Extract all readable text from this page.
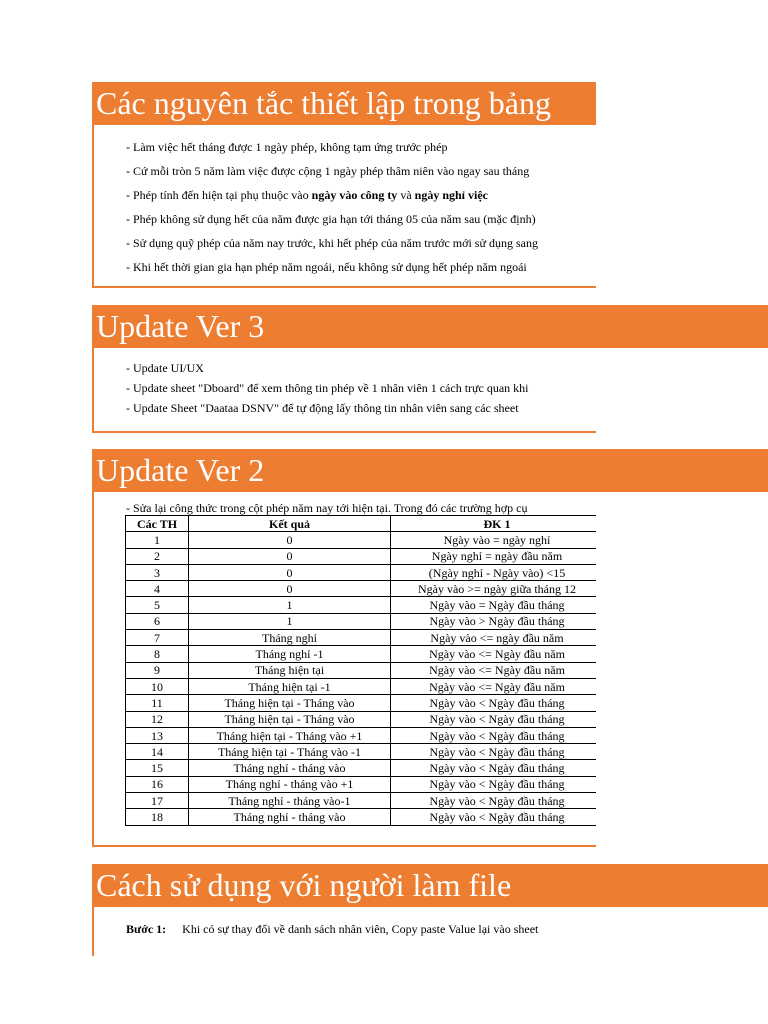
Các nguyên tắc thiết lập trong bảng
- Làm việc hết tháng được 1 ngày phép, không tạm ứng trước phép
- Cứ mỗi tròn 5 năm làm việc được cộng 1 ngày phép thâm niên vào ngay sau tháng
- Phép tính đến hiện tại phụ thuộc vào ngày vào công ty và ngày nghỉ việc
- Phép không sử dụng hết của năm được gia hạn tới tháng 05 của năm sau (mặc định)
- Sử dụng quỹ phép của năm nay trước, khi hết phép của năm trước mới sử dụng sang
- Khi hết thời gian gia hạn phép năm ngoái, nếu không sử dụng hết phép năm ngoái
Update Ver 3
- Update UI/UX
- Update sheet "Dboard" để xem thông tin phép về 1 nhân viên 1 cách trực quan khi
- Update Sheet "Daataa DSNV" để tự động lấy thông tin nhân viên sang các sheet
Update Ver 2
- Sửa lại công thức trong cột phép năm nay tới hiện tại. Trong đó các trường hợp cụ
Các TH	Kết quả	ĐK 1
1	0	Ngày vào = ngày nghỉ
2	0	Ngày nghỉ = ngày đầu năm
3	0	(Ngày nghỉ - Ngày vào) <15
4	0	Ngày vào >= ngày giữa tháng 12
5	1	Ngày vào = Ngày đầu tháng
6	1	Ngày vào > Ngày đầu tháng
7	Tháng nghỉ	Ngày vào <= ngày đầu năm
8	Tháng nghỉ -1	Ngày vào <= Ngày đầu năm
9	Tháng hiện tại	Ngày vào <= Ngày đầu năm
10	Tháng hiện tại -1	Ngày vào <= Ngày đầu năm
11	Tháng hiện tại - Tháng vào	Ngày vào < Ngày đầu tháng
12	Tháng hiện tại - Tháng vào	Ngày vào < Ngày đầu tháng
13	Tháng hiện tại - Tháng vào +1	Ngày vào < Ngày đầu tháng
14	Tháng hiện tại - Tháng vào -1	Ngày vào < Ngày đầu tháng
15	Tháng nghỉ - tháng vào	Ngày vào < Ngày đầu tháng
16	Tháng nghỉ - tháng vào +1	Ngày vào < Ngày đầu tháng
17	Tháng nghỉ - tháng vào-1	Ngày vào < Ngày đầu tháng
18	Tháng nghỉ - tháng vào	Ngày vào < Ngày đầu tháng
Cách sử dụng với người làm file
Bước 1: Khi có sự thay đổi về danh sách nhân viên, Copy paste Value lại vào sheet
